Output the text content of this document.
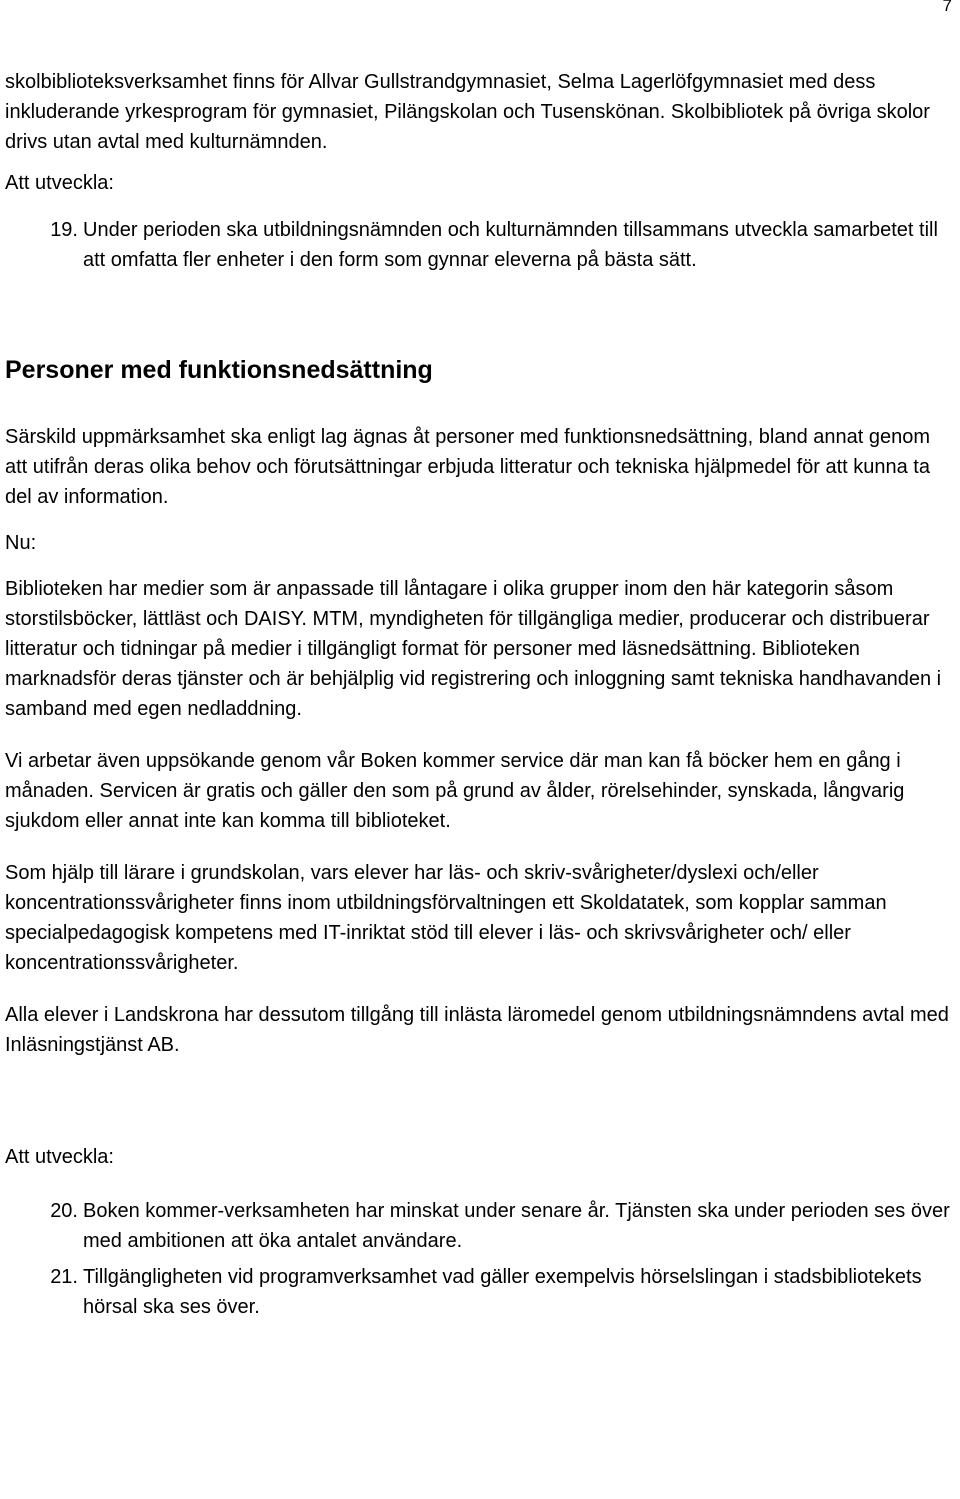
7

skolbiblioteksverksamhet finns för Allvar Gullstrandgymnasiet, Selma Lagerlöfgymnasiet med dess inkluderande yrkesprogram för gymnasiet, Pilängskolan och Tusenskönan. Skolbibliotek på övriga skolor drivs utan avtal med kulturnämnden.

Att utveckla:

19. Under perioden ska utbildningsnämnden och kulturnämnden tillsammans utveckla samarbetet till att omfatta fler enheter i den form som gynnar eleverna på bästa sätt.
Personer med funktionsnedsättning

Särskild uppmärksamhet ska enligt lag ägnas åt personer med funktionsnedsättning, bland annat genom att utifrån deras olika behov och förutsättningar erbjuda litteratur och tekniska hjälpmedel för att kunna ta del av information.

Nu:

Biblioteken har medier som är anpassade till låntagare i olika grupper inom den här kategorin såsom storstilsböcker, lättläst och DAISY. MTM, myndigheten för tillgängliga medier, producerar och distribuerar litteratur och tidningar på medier i tillgängligt format för personer med läsnedsättning. Biblioteken marknadsför deras tjänster och är behjälplig vid registrering och inloggning samt tekniska handhavanden i samband med egen nedladdning.

Vi arbetar även uppsökande genom vår Boken kommer service där man kan få böcker hem en gång i månaden. Servicen är gratis och gäller den som på grund av ålder, rörelsehinder, synskada, långvarig sjukdom eller annat inte kan komma till biblioteket.

Som hjälp till lärare i grundskolan, vars elever har läs- och skriv-svårigheter/dyslexi och/eller koncentrationssvårigheter finns inom utbildningsförvaltningen ett Skoldatatek, som kopplar samman specialpedagogisk kompetens med IT-inriktat stöd till elever i läs- och skrivsvårigheter och/ eller koncentrationssvårigheter.

Alla elever i Landskrona har dessutom tillgång till inlästa läromedel genom utbildningsnämndens avtal med Inläsningstjänst AB.

Att utveckla:

20. Boken kommer-verksamheten har minskat under senare år. Tjänsten ska under perioden ses över med ambitionen att öka antalet användare.
21. Tillgängligheten vid programverksamhet vad gäller exempelvis hörselslingan i stadsbibliotekets hörsal ska ses över.
